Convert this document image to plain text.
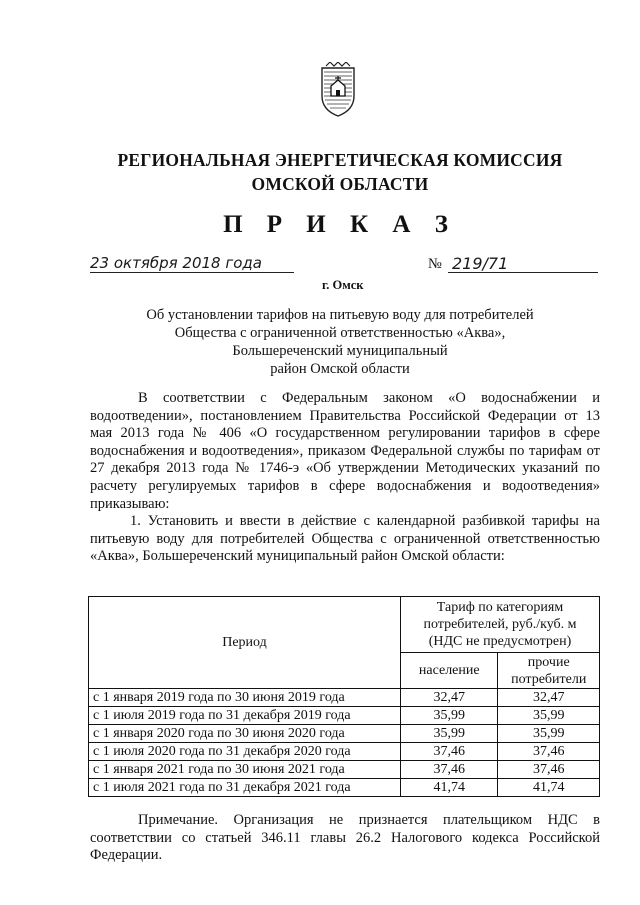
РЕГИОНАЛЬНАЯ ЭНЕРГЕТИЧЕСКАЯ КОМИССИЯ
ОМСКОЙ ОБЛАСТИ
П Р И К А З
23 октября 2018 года	№ 219/71
г. Омск
Об установлении тарифов на питьевую воду для потребителей
Общества с ограниченной ответственностью «Аква»,
Большереченский муниципальный
район Омской области

В соответствии с Федеральным законом «О водоснабжении и водоотведении», постановлением Правительства Российской Федерации от 13 мая 2013 года № 406 «О государственном регулировании тарифов в сфере водоснабжения и водоотведения», приказом Федеральной службы по тарифам от 27 декабря 2013 года № 1746-э «Об утверждении Методических указаний по расчету регулируемых тарифов в сфере водоснабжения и водоотведения» приказываю:

1. Установить и ввести в действие с календарной разбивкой тарифы на питьевую воду для потребителей Общества с ограниченной ответственностью «Аква», Большереченский муниципальный район Омской области:

Период	Тариф по категориям потребителей, руб./куб. м (НДС не предусмотрен)	
	население	прочие потребители
с 1 января 2019 года по 30 июня 2019 года	32,47	32,47
с 1 июля 2019 года по 31 декабря 2019 года	35,99	35,99
с 1 января 2020 года по 30 июня 2020 года	35,99	35,99
с 1 июля 2020 года по 31 декабря 2020 года	37,46	37,46
с 1 января 2021 года по 30 июня 2021 года	37,46	37,46
с 1 июля 2021 года по 31 декабря 2021 года	41,74	41,74

Примечание. Организация не признается плательщиком НДС в соответствии со статьей 346.11 главы 26.2 Налогового кодекса Российской Федерации.
